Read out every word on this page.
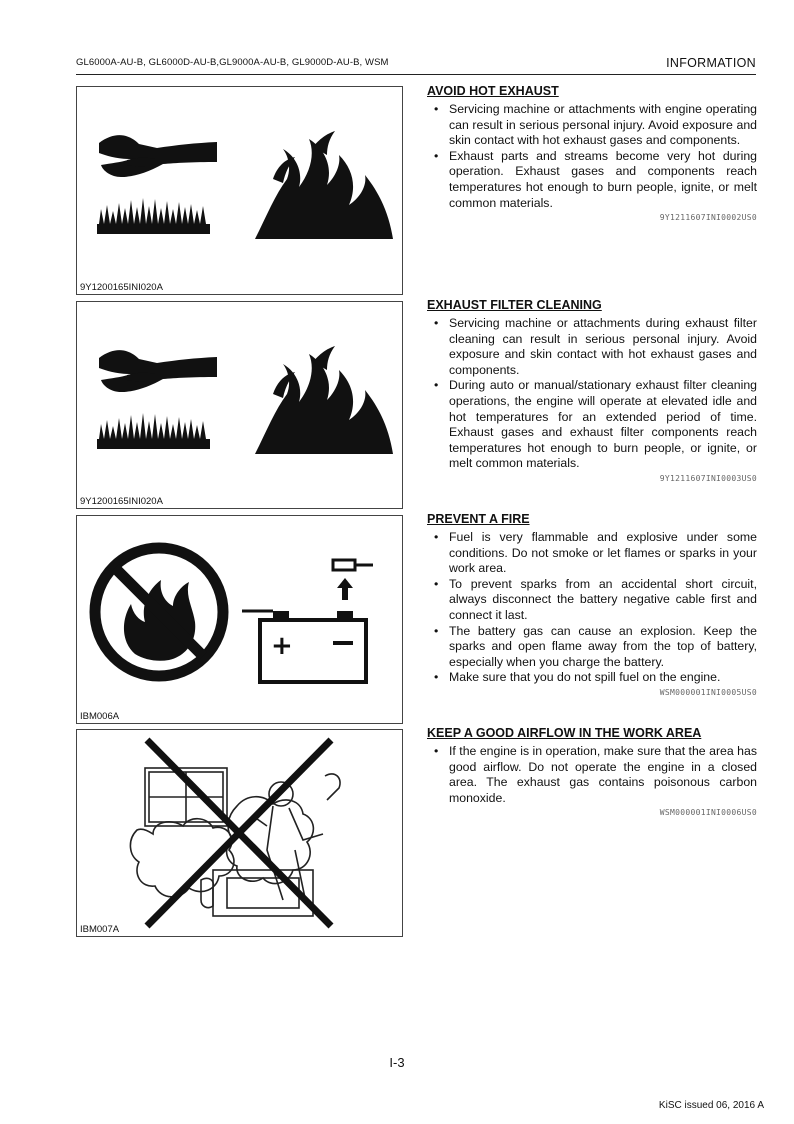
GL6000A-AU-B, GL6000D-AU-B,GL9000A-AU-B, GL9000D-AU-B, WSM	INFORMATION
9Y1200165INI020A
9Y1200165INI020A
+
IBM006A
IBM007A
AVOID HOT EXHAUST
• Servicing machine or attachments with engine operating can result in serious personal injury. Avoid exposure and skin contact with hot exhaust gases and components.
• Exhaust parts and streams become very hot during operation. Exhaust gases and components reach temperatures hot enough to burn people, ignite, or melt common materials.
9Y1211607INI0002US0
EXHAUST FILTER CLEANING
• Servicing machine or attachments during exhaust filter cleaning can result in serious personal injury. Avoid exposure and skin contact with hot exhaust gases and components.
• During auto or manual/stationary exhaust filter cleaning operations, the engine will operate at elevated idle and hot temperatures for an extended period of time. Exhaust gases and exhaust filter components reach temperatures hot enough to burn people, or ignite, or melt common materials.
9Y1211607INI0003US0
PREVENT A FIRE
• Fuel is very flammable and explosive under some conditions. Do not smoke or let flames or sparks in your work area.
• To prevent sparks from an accidental short circuit, always disconnect the battery negative cable first and connect it last.
• The battery gas can cause an explosion. Keep the sparks and open flame away from the top of battery, especially when you charge the battery.
• Make sure that you do not spill fuel on the engine.
WSM000001INI0005US0
KEEP A GOOD AIRFLOW IN THE WORK AREA
• If the engine is in operation, make sure that the area has good airflow. Do not operate the engine in a closed area. The exhaust gas contains poisonous carbon monoxide.
WSM000001INI0006US0
I-3
KiSC issued 06, 2016 A
